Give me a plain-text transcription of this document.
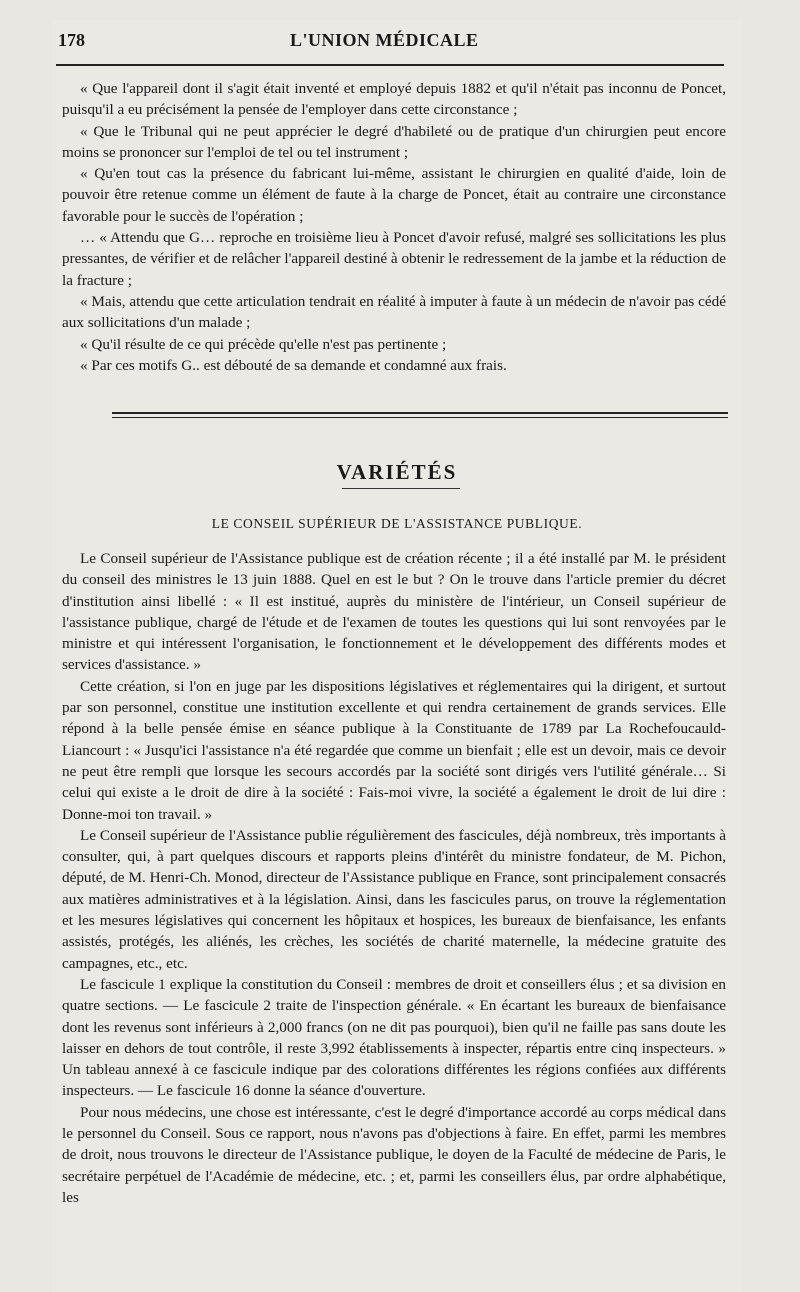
178	L'UNION MÉDICALE

« Que l'appareil dont il s'agit était inventé et employé depuis 1882 et qu'il n'était pas inconnu de Poncet, puisqu'il a eu précisément la pensée de l'employer dans cette circonstance ;

« Que le Tribunal qui ne peut apprécier le degré d'habileté ou de pratique d'un chirurgien peut encore moins se prononcer sur l'emploi de tel ou tel instrument ;

« Qu'en tout cas la présence du fabricant lui-même, assistant le chirurgien en qualité d'aide, loin de pouvoir être retenue comme un élément de faute à la charge de Poncet, était au contraire une circonstance favorable pour le succès de l'opération ;

… « Attendu que G… reproche en troisième lieu à Poncet d'avoir refusé, malgré ses sollicitations les plus pressantes, de vérifier et de relâcher l'appareil destiné à obtenir le redressement de la jambe et la réduction de la fracture ;

« Mais, attendu que cette articulation tendrait en réalité à imputer à faute à un médecin de n'avoir pas cédé aux sollicitations d'un malade ;

« Qu'il résulte de ce qui précède qu'elle n'est pas pertinente ;

« Par ces motifs G.. est débouté de sa demande et condamné aux frais.

VARIÉTÉS
LE CONSEIL SUPÉRIEUR DE L'ASSISTANCE PUBLIQUE.

Le Conseil supérieur de l'Assistance publique est de création récente ; il a été installé par M. le président du conseil des ministres le 13 juin 1888. Quel en est le but ? On le trouve dans l'article premier du décret d'institution ainsi libellé : « Il est institué, auprès du ministère de l'intérieur, un Conseil supérieur de l'assistance publique, chargé de l'étude et de l'examen de toutes les questions qui lui sont renvoyées par le ministre et qui intéressent l'organisation, le fonctionnement et le développement des différents modes et services d'assistance. »

Cette création, si l'on en juge par les dispositions législatives et réglementaires qui la dirigent, et surtout par son personnel, constitue une institution excellente et qui rendra certainement de grands services. Elle répond à la belle pensée émise en séance publique à la Constituante de 1789 par La Rochefoucauld-Liancourt : « Jusqu'ici l'assistance n'a été regardée que comme un bienfait ; elle est un devoir, mais ce devoir ne peut être rempli que lorsque les secours accordés par la société sont dirigés vers l'utilité générale… Si celui qui existe a le droit de dire à la société : Fais-moi vivre, la société a également le droit de lui dire : Donne-moi ton travail. »

Le Conseil supérieur de l'Assistance publie régulièrement des fascicules, déjà nombreux, très importants à consulter, qui, à part quelques discours et rapports pleins d'intérêt du ministre fondateur, de M. Pichon, député, de M. Henri-Ch. Monod, directeur de l'Assistance publique en France, sont principalement consacrés aux matières administratives et à la législation. Ainsi, dans les fascicules parus, on trouve la réglementation et les mesures législatives qui concernent les hôpitaux et hospices, les bureaux de bienfaisance, les enfants assistés, protégés, les aliénés, les crèches, les sociétés de charité maternelle, la médecine gratuite des campagnes, etc., etc.

Le fascicule 1 explique la constitution du Conseil : membres de droit et conseillers élus ; et sa division en quatre sections. — Le fascicule 2 traite de l'inspection générale. « En écartant les bureaux de bienfaisance dont les revenus sont inférieurs à 2,000 francs (on ne dit pas pourquoi), bien qu'il ne faille pas sans doute les laisser en dehors de tout contrôle, il reste 3,992 établissements à inspecter, répartis entre cinq inspecteurs. » Un tableau annexé à ce fascicule indique par des colorations différentes les régions confiées aux différents inspecteurs. — Le fascicule 16 donne la séance d'ouverture.

Pour nous médecins, une chose est intéressante, c'est le degré d'importance accordé au corps médical dans le personnel du Conseil. Sous ce rapport, nous n'avons pas d'objections à faire. En effet, parmi les membres de droit, nous trouvons le directeur de l'Assistance publique, le doyen de la Faculté de médecine de Paris, le secrétaire perpétuel de l'Académie de médecine, etc. ; et, parmi les conseillers élus, par ordre alphabétique, les
